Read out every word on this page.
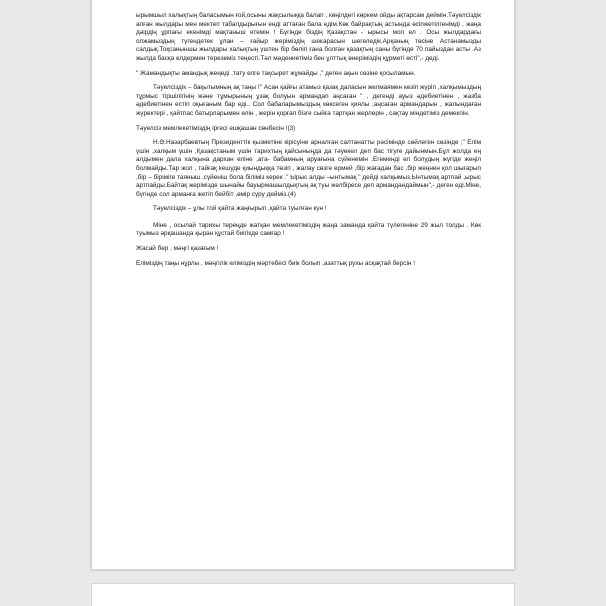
ырымшыл халықтың баласымын ғой,осыны жақсылыққа балап , көңілдегі көркем ойды ақтарсам деймін.Тәуелсіздік алған жылдары мен мектеп табалдырығын енді аттаған бала едім.Көк байрақтың астында өсіпжетілгенімді , жаңа дәірдің ұрпағы екенімді мақтаныш етемін ! Бүгінде біздің Қазақстан - ырысы мол ел . Осы жылдардағы олжамыздың түгендетек ұлан – ғайыр жеріміздің шекарасын шегеледік.Арқаның төсіне Астанамызды салдық.Тоқсаныншы жылдары халықтың үштен бір бөлігі ғана болған қазақтың саны бүгінде 70 пайыздан асты .Аз жылда басқа елдермен тереземіз теңесті.Тәл мәдениетіміз бен ұлттық өнеріміздің құрметі өсті",- деді.

" Жамандықты амандық жеңеді ,тату елге тақсырет жұмайды ," деген ақын сөзіне қосыламын.

Тәуелсіздік – бақытымның ақ таңы !" Асан қайғы атамыз қазақ даласын желмаямен кезіп жүріп ,халқымыздың тұрмыс тіршілігінің және тұмырының ұзақ болуын армандап аңсаған " , дегенді ауыз әдебиетінен , жазба әдебиетінен естіп оқығаным бар еді.. Сол бабаларымыздың көксеген қиялы ,аңсаған армандарын , жалындаған жүректері , қайтпас батырларымен елін , жерін қорғап бізге сыйға тартқан жерлерін , сақтау міндетіміз демекпін.

Тәуелсіз мемлекетіміздің іргесі ешқашан сөнбесін !(3)

Н.Ә.Назарбаевтың Президенттік қызметіне кірісуіне арналған салтанатты рәсімінде сөйлеген сөзінде ;" Елім үшін ,халқым үшін ,Қазақстаным үшін тарихтың қайсыныңда да тәуекел деп бас тігуге дайынмын.Бұл жолда ең алдымен дала халқына дархан еліне ,ата- бабамның аруағына сүйенемін .Егемендi ел болудың жүгіде жеңіл болмайды.Тар жол , тайғақ кешуде қиындыққа төзіп , жалау сөзге ермей ,бір жағадан бас ,бір жеңнен қол шығарып ,бір – біріміге таяныш ,сүйеніш бола біліміз керек ." Ырыс алды –ынтымақ " дейді халқымыз.Ынтымақ артпай ,ырыс артпайды.Байтақ жеріміздe шынайы бауырмашылдықтың ақ туы желбіресе деп армандандаймын",- деген еді.Міне, бүгінде сол арманға жетіп бейбіт ,өмір сүру деймiз.(4)

Тәуелсіздік – ұлы той қайта жаңғырып ,қайта туылған күн !

Міне , осылай тарихы тереңде жатқан мемлекетіміздің жаңа заманда қайта түлегеніне 29 жыл толды . Көк туымыз әрқашанда қыран құстай биігікде самғар !

Жасай бер , мәңгі қазағым !

Еліміздің таңы нұрлы , мәңгілік еліміздің мәртебесі биік болып ,азаттық рухы асқақтай берсін !
